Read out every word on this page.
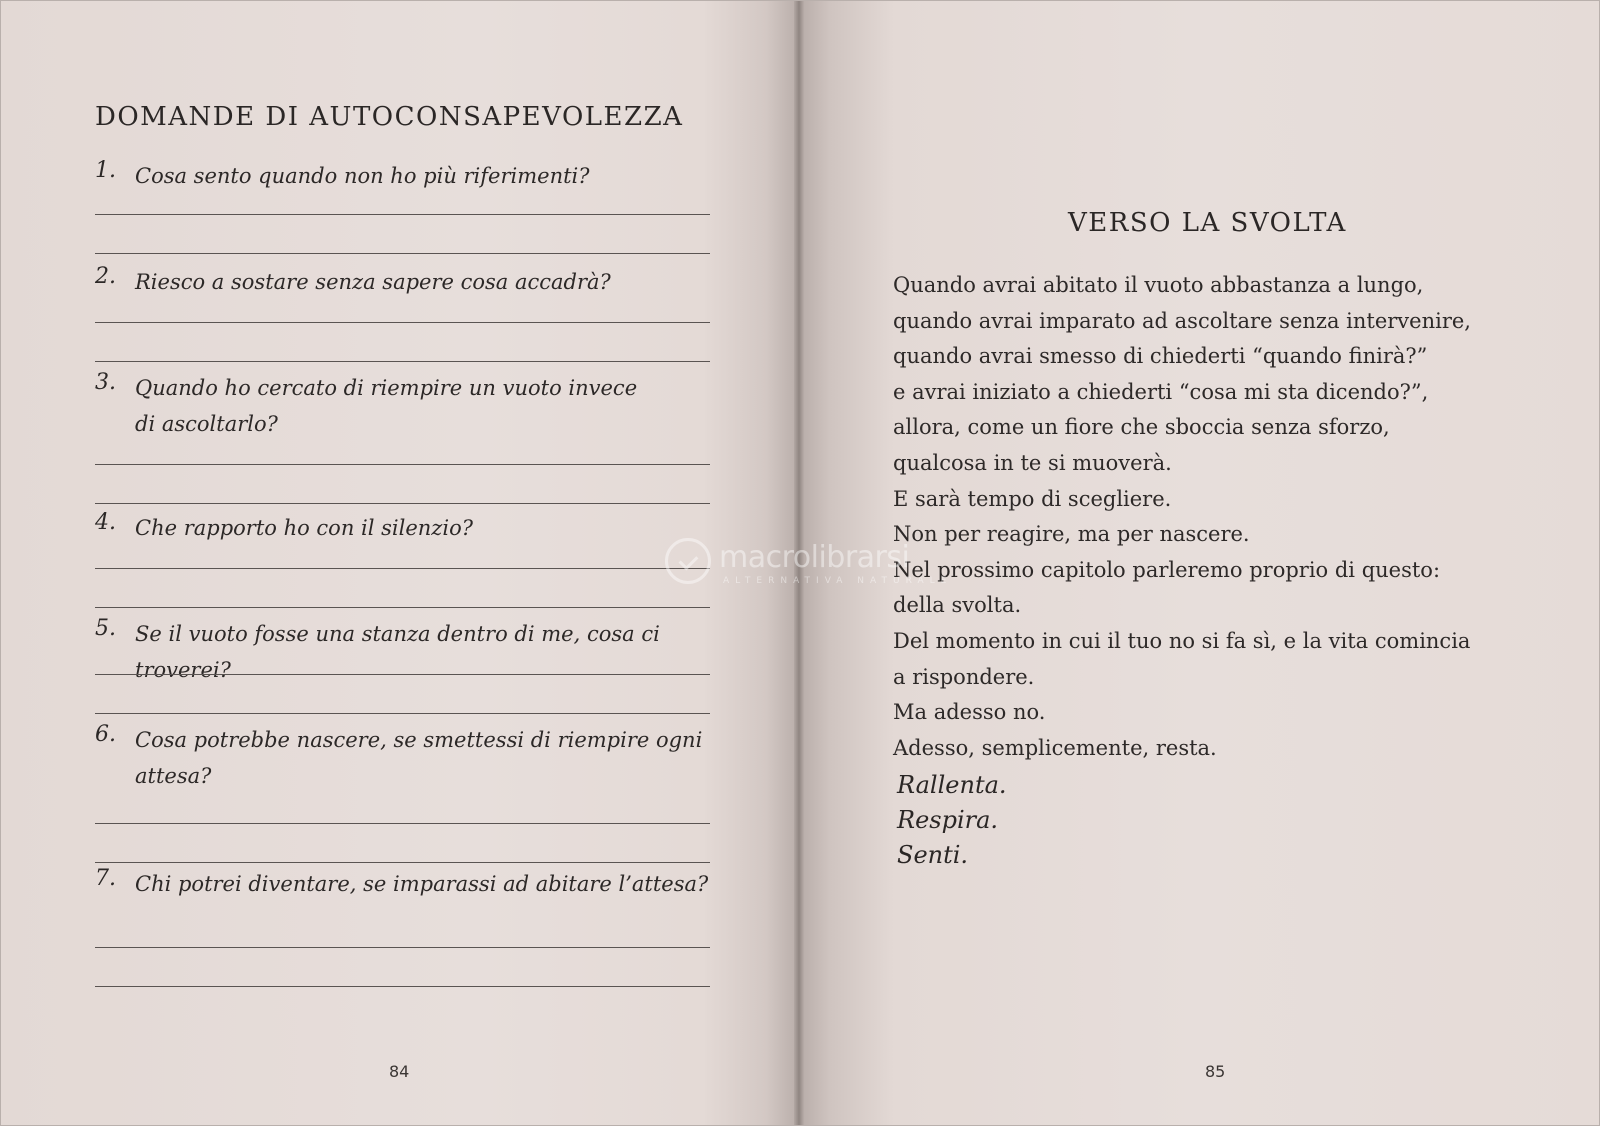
DOMANDE DI AUTOCONSAPEVOLEZZA
1. Cosa sento quando non ho più riferimenti?
2. Riesco a sostare senza sapere cosa accadrà?
3. Quando ho cercato di riempire un vuoto invece
di ascoltarlo?
4. Che rapporto ho con il silenzio?
5. Se il vuoto fosse una stanza dentro di me, cosa ci troverei?
6. Cosa potrebbe nascere, se smettessi di riempire ogni
attesa?
7. Chi potrei diventare, se imparassi ad abitare l’attesa?
84
VERSO LA SVOLTA
Quando avrai abitato il vuoto abbastanza a lungo,
quando avrai imparato ad ascoltare senza intervenire,
quando avrai smesso di chiederti “quando finirà?”
e avrai iniziato a chiederti “cosa mi sta dicendo?”,
allora, come un fiore che sboccia senza sforzo,
qualcosa in te si muoverà.
E sarà tempo di scegliere.
Non per reagire, ma per nascere.
Nel prossimo capitolo parleremo proprio di questo:
della svolta.
Del momento in cui il tuo no si fa sì, e la vita comincia
a rispondere.
Ma adesso no.
Adesso, semplicemente, resta.
Rallenta.
Respira.
Senti.
85
macrolibrarsi
ALTERNATIVA NATURALE
